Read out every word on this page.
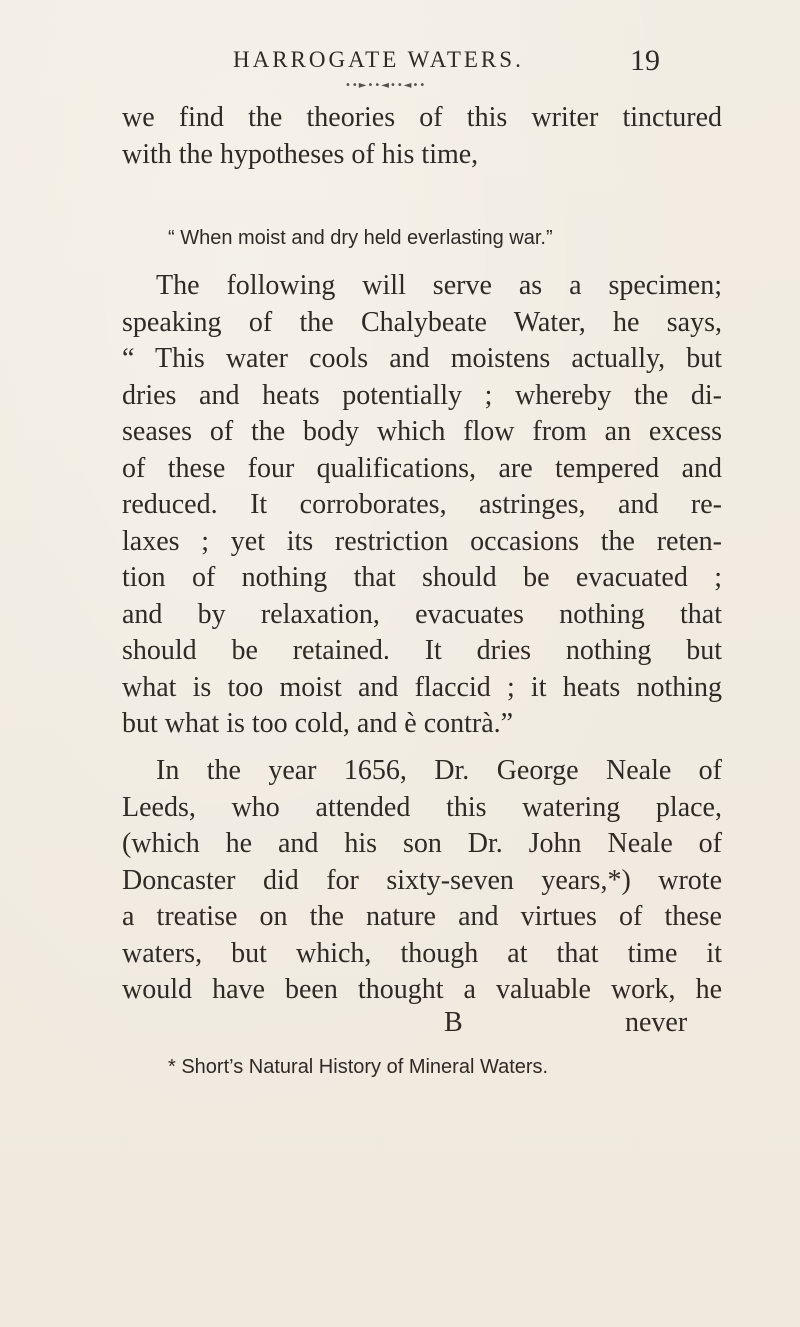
HARROGATE WATERS.	19
••►••◄••◄••
we find the theories of this writer tinctured
with the hypotheses of his time,
“ When moist and dry held everlasting war.”
The following will serve as a specimen;
speaking of the Chalybeate Water, he says,
“ This water cools and moistens actually, but
dries and heats potentially ; whereby the di-
seases of the body which flow from an excess
of these four qualifications, are tempered and
reduced. It corroborates, astringes, and re-
laxes ; yet its restriction occasions the reten-
tion of nothing that should be evacuated ;
and by relaxation, evacuates nothing that
should be retained. It dries nothing but
what is too moist and flaccid ; it heats nothing
but what is too cold, and è contrà.”
In the year 1656, Dr. George Neale of
Leeds, who attended this watering place,
(which he and his son Dr. John Neale of
Doncaster did for sixty-seven years,*) wrote
a treatise on the nature and virtues of these
waters, but which, though at that time it
would have been thought a valuable work, he
B	never
* Short’s Natural History of Mineral Waters.
